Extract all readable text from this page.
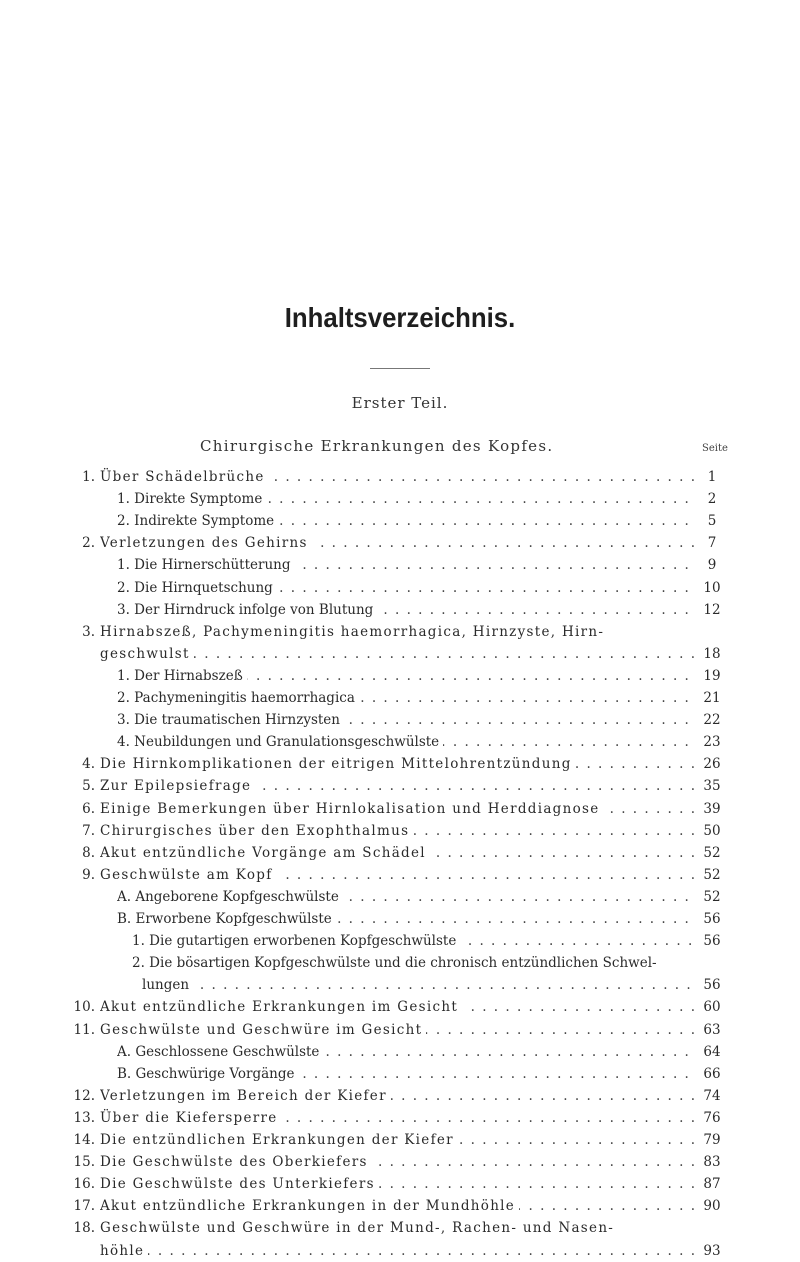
Inhaltsverzeichnis.
Erster Teil.
Chirurgische Erkrankungen des Kopfes.	Seite
1. Über Schädelbrüche . . .	1
1. Direkte Symptome . . .	2
2. Indirekte Symptome . . .	5
2. Verletzungen des Gehirns . . .	7
1. Die Hirnerschütterung . . .	9
2. Die Hirnquetschung . . .	10
3. Der Hirndruck infolge von Blutung . . .	12
3. Hirnabszeß, Pachymeningitis haemorrhagica, Hirnzyste, Hirn-
geschwulst . . .	18
1. Der Hirnabszeß . . .	19
2. Pachymeningitis haemorrhagica . . .	21
3. Die traumatischen Hirnzysten . . .	22
4. Neubildungen und Granulationsgeschwülste . . .	23
4. Die Hirnkomplikationen der eitrigen Mittelohrentzündung . . .	26
5. Zur Epilepsiefrage . . .	35
6. Einige Bemerkungen über Hirnlokalisation und Herddiagnose . . .	39
7. Chirurgisches über den Exophthalmus . . .	50
8. Akut entzündliche Vorgänge am Schädel . . .	52
9. Geschwülste am Kopf . . .	52
A. Angeborene Kopfgeschwülste . . .	52
B. Erworbene Kopfgeschwülste . . .	56
1. Die gutartigen erworbenen Kopfgeschwülste . . .	56
2. Die bösartigen Kopfgeschwülste und die chronisch entzündlichen Schwel-
lungen . . .	56
10. Akut entzündliche Erkrankungen im Gesicht . . .	60
11. Geschwülste und Geschwüre im Gesicht . . .	63
A. Geschlossene Geschwülste . . .	64
B. Geschwürige Vorgänge . . .	66
12. Verletzungen im Bereich der Kiefer . . .	74
13. Über die Kiefersperre . . .	76
14. Die entzündlichen Erkrankungen der Kiefer . . .	79
15. Die Geschwülste des Oberkiefers . . .	83
16. Die Geschwülste des Unterkiefers . . .	87
17. Akut entzündliche Erkrankungen in der Mundhöhle . . .	90
18. Geschwülste und Geschwüre in der Mund-, Rachen- und Nasen-
höhle . . .	93
